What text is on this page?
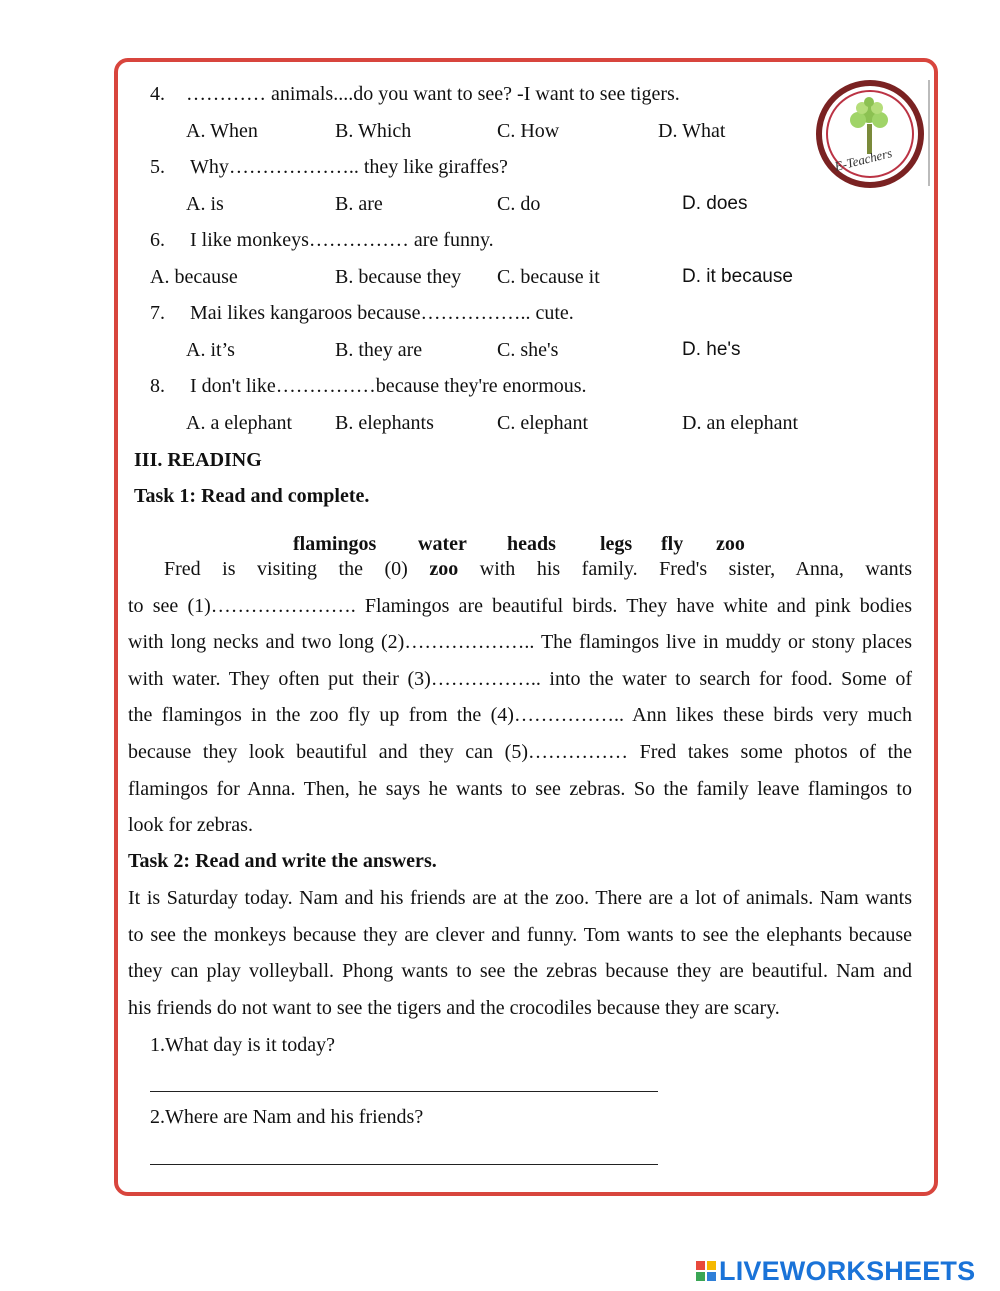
E-Teachers
4. ………… animals....do you want to see? -I want to see tigers.
A. When	B. Which	C. How	D. What
5. Why……………….. they like giraffes?
A. is	B. are	C. do	D. does
6. I like monkeys…………… are funny.
A. because	B. because they C. because it	D. it because
7. Mai likes kangaroos because…………….. cute.
A. it’s	B. they are	C. she's	D. he's
8. I don't like……………because they're enormous.
A. a elephant B. elephants	C. elephant	D. an elephant
III. READING
Task 1: Read and complete.
flamingos water heads legs fly zoo
Fred is visiting the (0) zoo with his family. Fred's sister, Anna, wants
to see (1)…………………. Flamingos are beautiful birds. They have white and pink bodies
with long necks and two long (2)……………….. The flamingos live in muddy or stony places
with water. They often put their (3)…………….. into the water to search for food. Some of
the flamingos in the zoo fly up from the (4)…………….. Ann likes these birds very much
because they look beautiful and they can (5)…………… Fred takes some photos of the
flamingos for Anna. Then, he says he wants to see zebras. So the family leave flamingos to
look for zebras.
Task 2: Read and write the answers.
It is Saturday today. Nam and his friends are at the zoo. There are a lot of animals. Nam wants
to see the monkeys because they are clever and funny. Tom wants to see the elephants because
they can play volleyball. Phong wants to see the zebras because they are beautiful. Nam and
his friends do not want to see the tigers and the crocodiles because they are scary.
1.What day is it today?
2.Where are Nam and his friends?
LIVEWORKSHEETS
